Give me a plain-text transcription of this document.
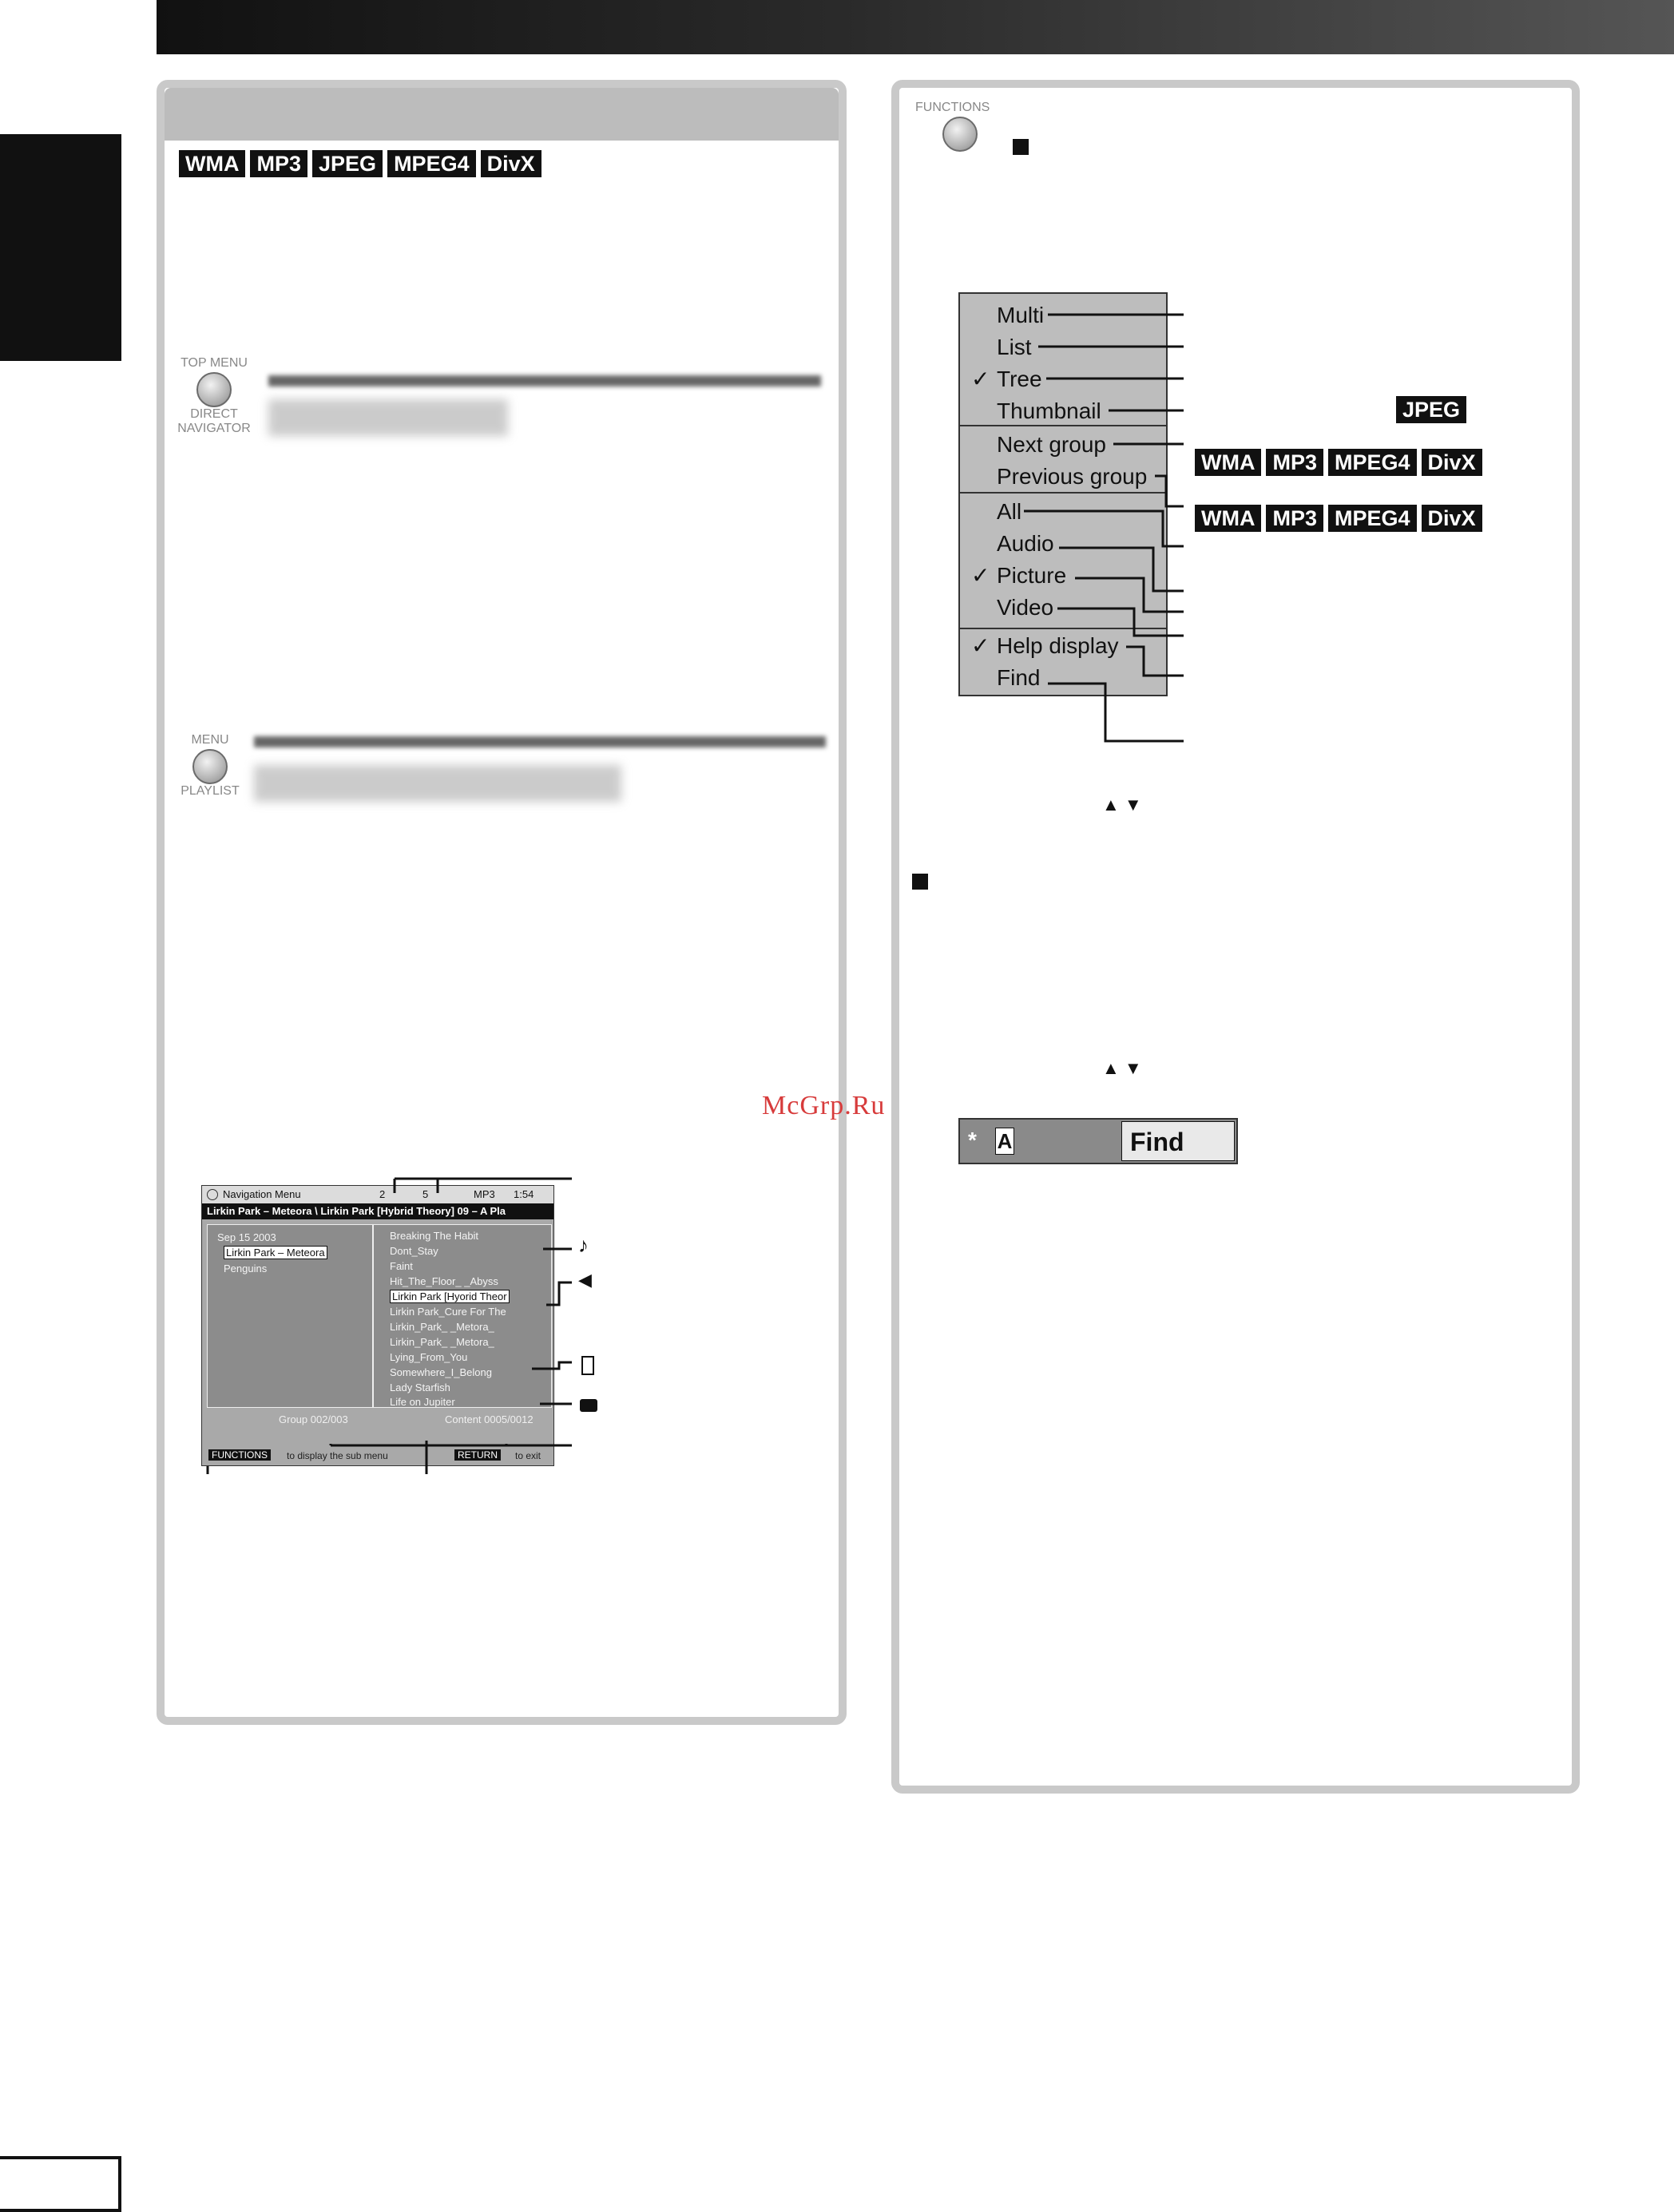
WMA MP3 JPEG MPEG4 DivX
TOP MENU
DIRECT
NAVIGATOR
MENU
PLAYLIST
Navigation Menu	2	5	MP3 1:54
Lirkin Park – Meteora \ Lirkin Park [Hybrid Theory] 09 – A Pla
Sep 15 2003
Lirkin Park – Meteora
Penguins
Breaking The Habit
Dont_Stay
Faint
Hit_The_Floor_ _Abyss
Lirkin Park [Hyorid Theor
Lirkin Park_Cure For The
Lirkin_Park_ _Metora_
Lirkin_Park_ _Metora_
Lying_From_You
Somewhere_I_Belong
Lady Starfish
Life on Jupiter
Group 002/003	Content 0005/0012
FUNCTIONS	to display the sub menu	RETURN	to exit
♪
◀
FUNCTIONS
Multi
List
✓ Tree
Thumbnail
Next group
Previous group
All
Audio
✓ Picture
Video
✓ Help display
Find
JPEG
WMA MP3 MPEG4 DivX
WMA MP3 MPEG4 DivX
▲ ▼
▲ ▼
* A	Find
McGrp.Ru
